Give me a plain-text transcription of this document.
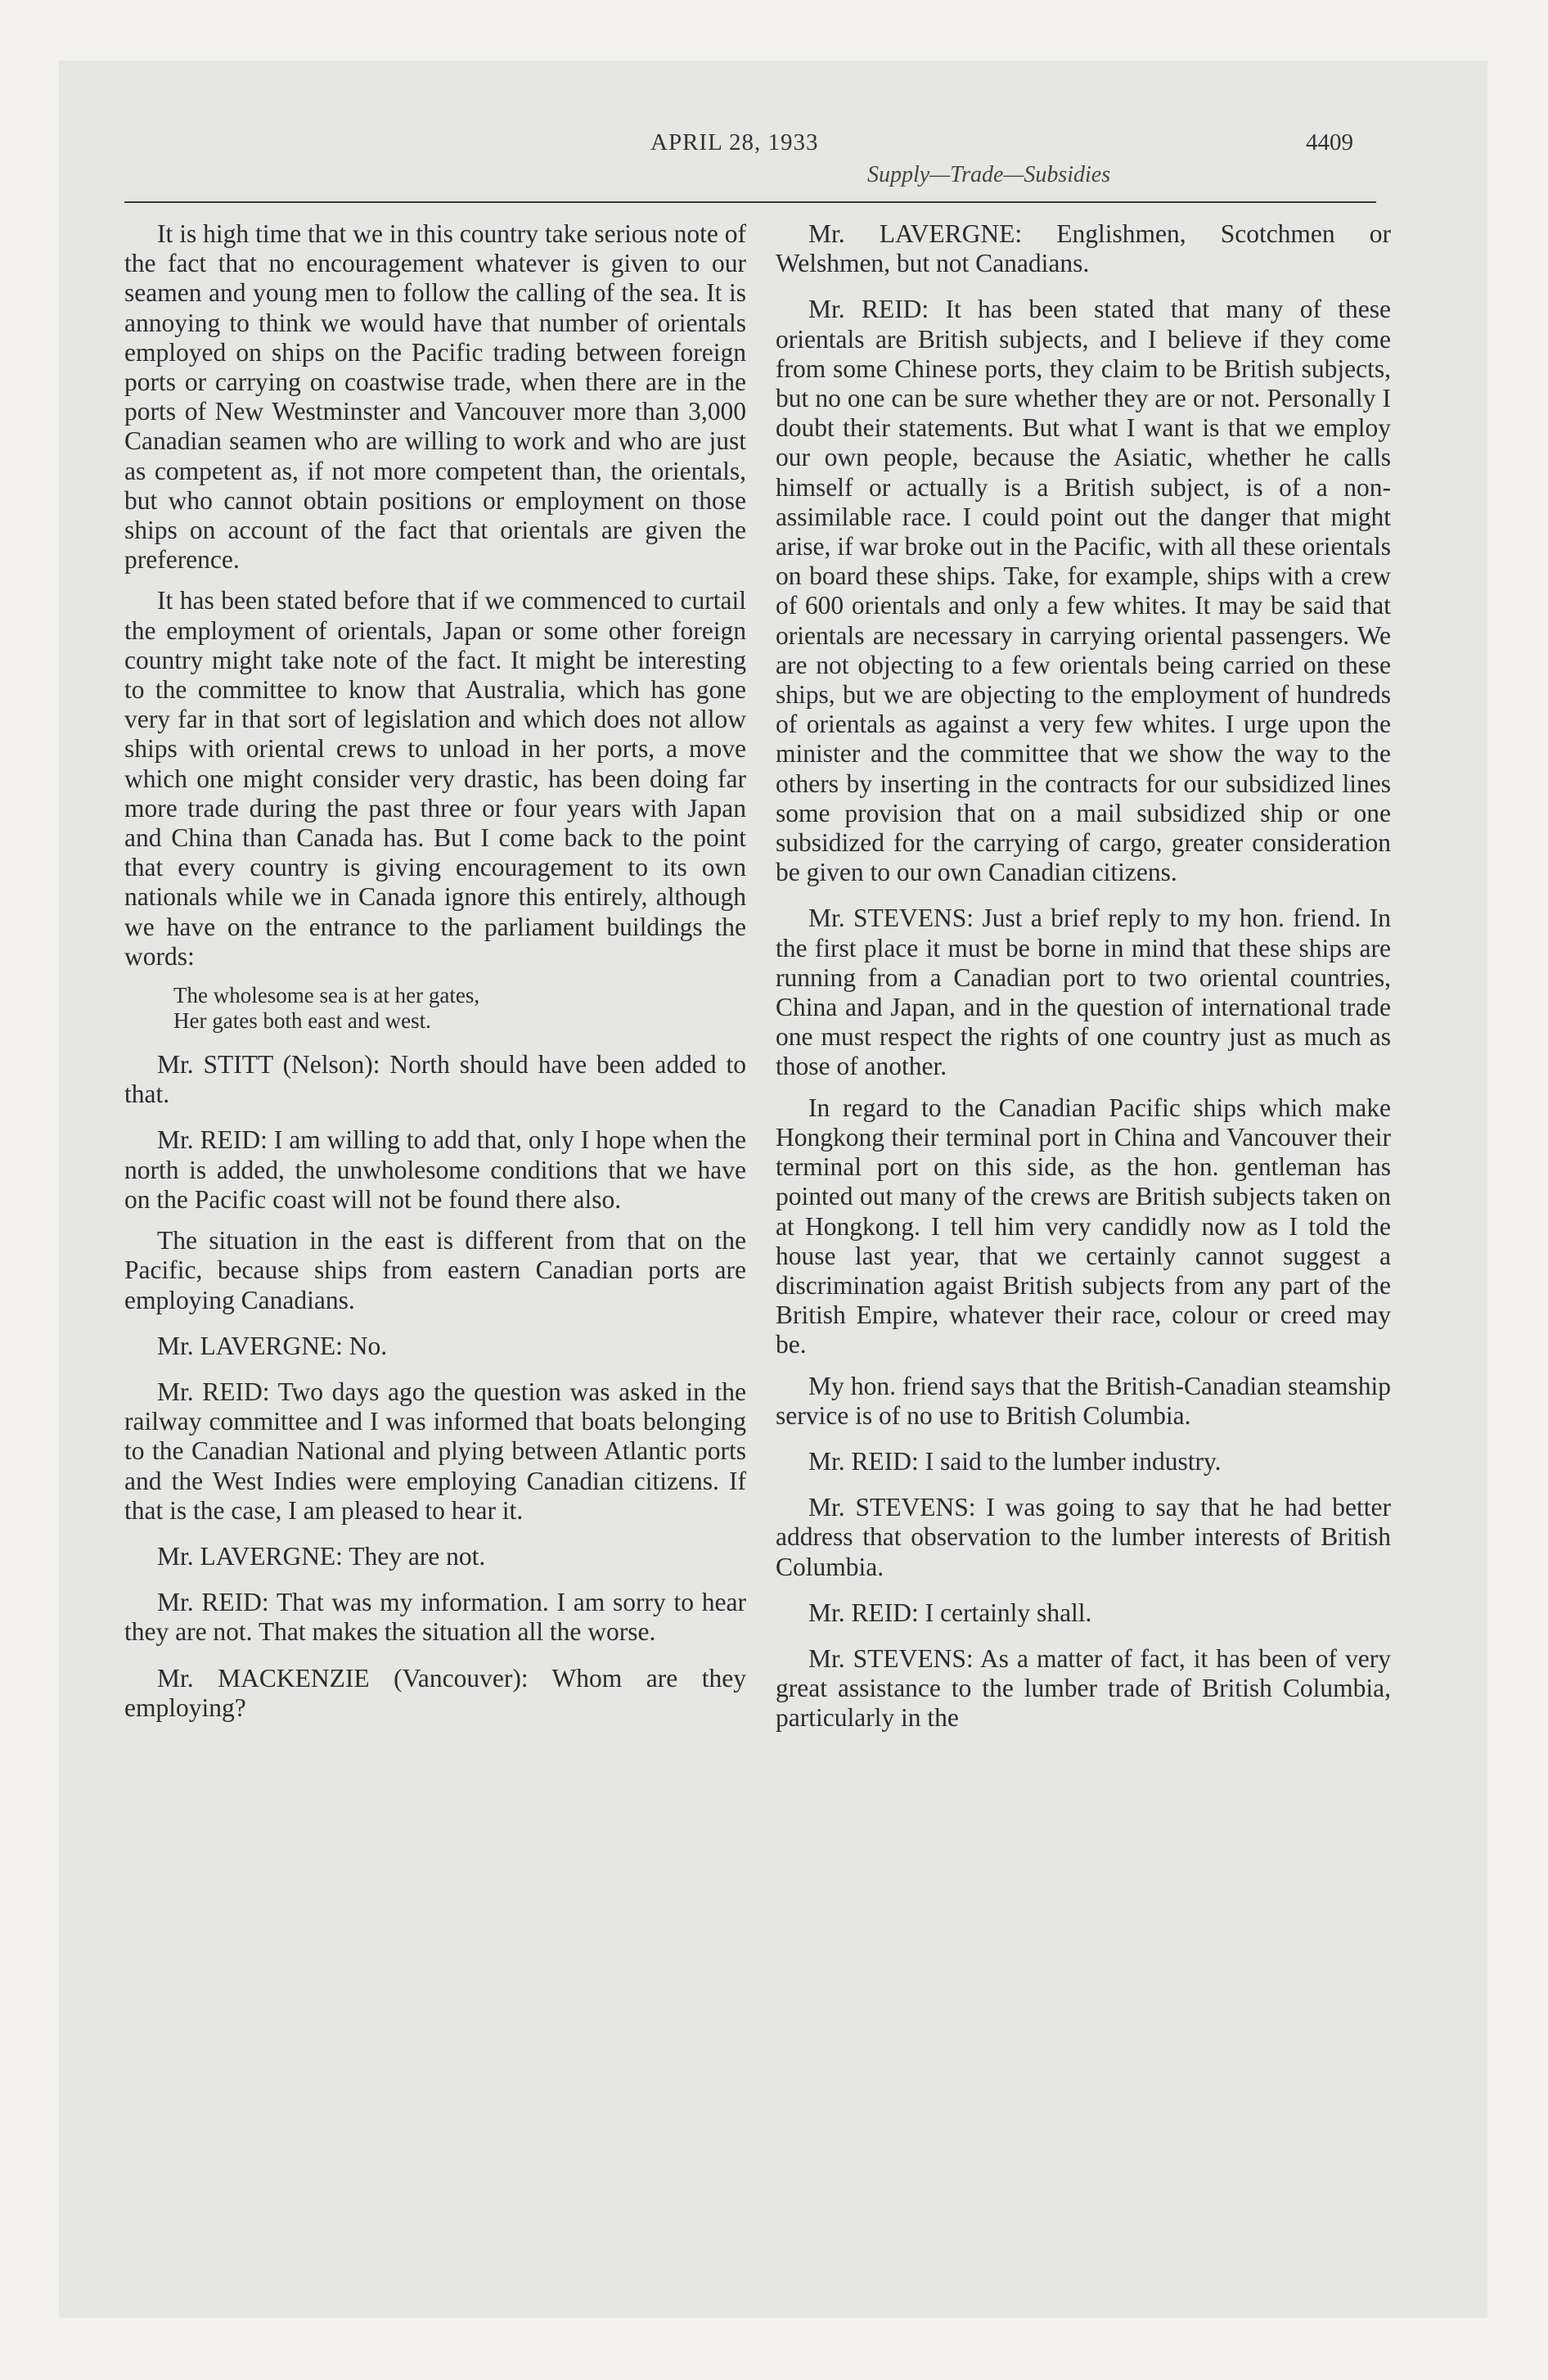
APRIL 28, 1933	4409
Supply—Trade—Subsidies

It is high time that we in this country take serious note of the fact that no encouragement whatever is given to our seamen and young men to follow the calling of the sea. It is annoying to think we would have that number of orientals employed on ships on the Pacific trading between foreign ports or carrying on coastwise trade, when there are in the ports of New Westminster and Vancouver more than 3,000 Canadian seamen who are willing to work and who are just as competent as, if not more competent than, the orientals, but who cannot obtain positions or employment on those ships on account of the fact that orientals are given the preference.

It has been stated before that if we commenced to curtail the employment of orientals, Japan or some other foreign country might take note of the fact. It might be interesting to the committee to know that Australia, which has gone very far in that sort of legislation and which does not allow ships with oriental crews to unload in her ports, a move which one might consider very drastic, has been doing far more trade during the past three or four years with Japan and China than Canada has. But I come back to the point that every country is giving encouragement to its own nationals while we in Canada ignore this entirely, although we have on the entrance to the parliament buildings the words:

The wholesome sea is at her gates,
Her gates both east and west.

Mr. STITT (Nelson): North should have been added to that.

Mr. REID: I am willing to add that, only I hope when the north is added, the unwholesome conditions that we have on the Pacific coast will not be found there also.

The situation in the east is different from that on the Pacific, because ships from eastern Canadian ports are employing Canadians.

Mr. LAVERGNE: No.

Mr. REID: Two days ago the question was asked in the railway committee and I was informed that boats belonging to the Canadian National and plying between Atlantic ports and the West Indies were employing Canadian citizens. If that is the case, I am pleased to hear it.

Mr. LAVERGNE: They are not.

Mr. REID: That was my information. I am sorry to hear they are not. That makes the situation all the worse.

Mr. MACKENZIE (Vancouver): Whom are they employing?

Mr. LAVERGNE: Englishmen, Scotchmen or Welshmen, but not Canadians.

Mr. REID: It has been stated that many of these orientals are British subjects, and I believe if they come from some Chinese ports, they claim to be British subjects, but no one can be sure whether they are or not. Personally I doubt their statements. But what I want is that we employ our own people, because the Asiatic, whether he calls himself or actually is a British subject, is of a non-assimilable race. I could point out the danger that might arise, if war broke out in the Pacific, with all these orientals on board these ships. Take, for example, ships with a crew of 600 orientals and only a few whites. It may be said that orientals are necessary in carrying oriental passengers. We are not objecting to a few orientals being carried on these ships, but we are objecting to the employment of hundreds of orientals as against a very few whites. I urge upon the minister and the committee that we show the way to the others by inserting in the contracts for our subsidized lines some provision that on a mail subsidized ship or one subsidized for the carrying of cargo, greater consideration be given to our own Canadian citizens.

Mr. STEVENS: Just a brief reply to my hon. friend. In the first place it must be borne in mind that these ships are running from a Canadian port to two oriental countries, China and Japan, and in the question of international trade one must respect the rights of one country just as much as those of another.

In regard to the Canadian Pacific ships which make Hongkong their terminal port in China and Vancouver their terminal port on this side, as the hon. gentleman has pointed out many of the crews are British subjects taken on at Hongkong. I tell him very candidly now as I told the house last year, that we certainly cannot suggest a discrimination agaist British subjects from any part of the British Empire, whatever their race, colour or creed may be.

My hon. friend says that the British-Canadian steamship service is of no use to British Columbia.

Mr. REID: I said to the lumber industry.

Mr. STEVENS: I was going to say that he had better address that observation to the lumber interests of British Columbia.

Mr. REID: I certainly shall.

Mr. STEVENS: As a matter of fact, it has been of very great assistance to the lumber trade of British Columbia, particularly in the
